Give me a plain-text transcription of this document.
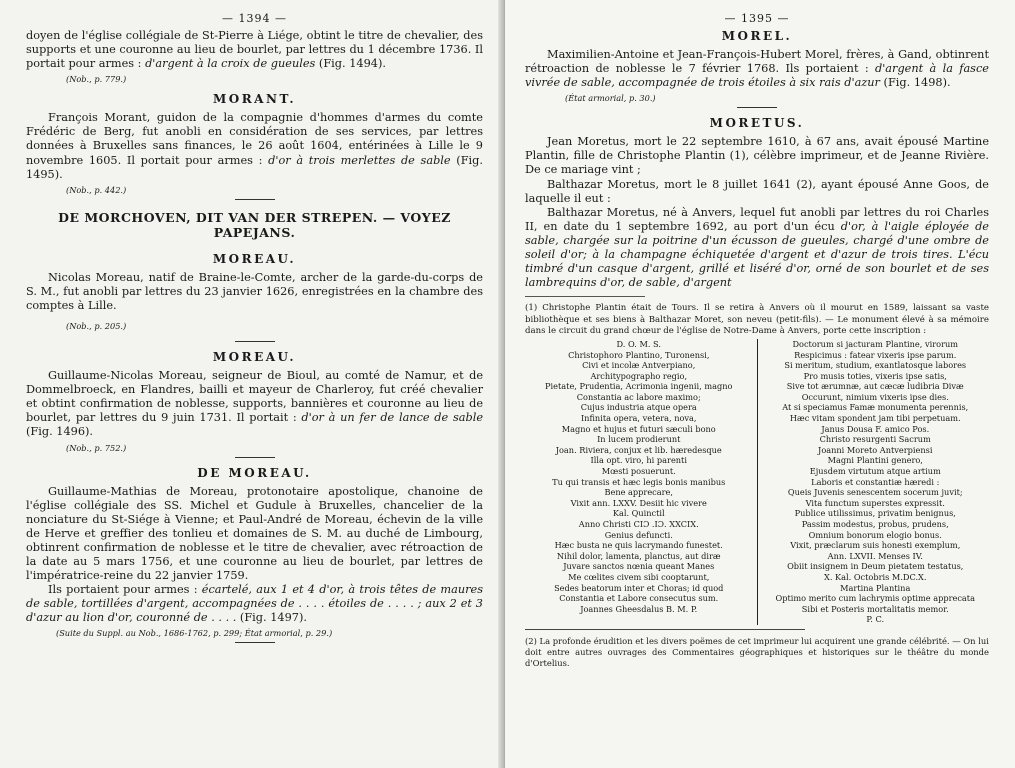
— 1394 —

doyen de l'église collégiale de St-Pierre à Liége, obtint le titre de chevalier, des supports et une couronne au lieu de bourlet, par lettres du 1 décembre 1736. Il portait pour armes : d'argent à la croix de gueules (Fig. 1494).

(Nob., p. 779.)
MORANT.

François Morant, guidon de la compagnie d'hommes d'armes du comte Frédéric de Berg, fut anobli en considération de ses services, par lettres données à Bruxelles sans finances, le 26 août 1604, entérinées à Lille le 9 novembre 1605. Il portait pour armes : d'or à trois merlettes de sable (Fig. 1495).

(Nob., p. 442.)
DE MORCHOVEN, DIT VAN DER STREPEN. — VOYEZ PAPEJANS.
MOREAU.

Nicolas Moreau, natif de Braine-le-Comte, archer de la garde-du-corps de S. M., fut anobli par lettres du 23 janvier 1626, enregistrées en la chambre des comptes à Lille.

(Nob., p. 205.)
MOREAU.

Guillaume-Nicolas Moreau, seigneur de Bioul, au comté de Namur, et de Dommelbroeck, en Flandres, bailli et mayeur de Charleroy, fut créé chevalier et obtint confirmation de noblesse, supports, bannières et couronne au lieu de bourlet, par lettres du 9 juin 1731. Il portait : d'or à un fer de lance de sable (Fig. 1496).

(Nob., p. 752.)
DE MOREAU.

Guillaume-Mathias de Moreau, protonotaire apostolique, chanoine de l'église collégiale des SS. Michel et Gudule à Bruxelles, chancelier de la nonciature du St-Siége à Vienne; et Paul-André de Moreau, échevin de la ville de Herve et greffier des tonlieu et domaines de S. M. au duché de Limbourg, obtinrent confirmation de noblesse et le titre de chevalier, avec rétroaction de la date au 5 mars 1756, et une couronne au lieu de bourlet, par lettres de l'impératrice-reine du 22 janvier 1759.

Ils portaient pour armes : écartelé, aux 1 et 4 d'or, à trois têtes de maures de sable, tortillées d'argent, accompagnées de . . . . étoiles de . . . . ; aux 2 et 3 d'azur au lion d'or, couronné de . . . . (Fig. 1497).

(Suite du Suppl. au Nob., 1686-1762, p. 299; État armorial, p. 29.)
— 1395 —
MOREL.

Maximilien-Antoine et Jean-François-Hubert Morel, frères, à Gand, obtinrent rétroaction de noblesse le 7 février 1768. Ils portaient : d'argent à la fasce vivrée de sable, accompagnée de trois étoiles à six rais d'azur (Fig. 1498).

(État armorial, p. 30.)
MORETUS.

Jean Moretus, mort le 22 septembre 1610, à 67 ans, avait épousé Martine Plantin, fille de Christophe Plantin (1), célèbre imprimeur, et de Jeanne Rivière. De ce mariage vint ;

Balthazar Moretus, mort le 8 juillet 1641 (2), ayant épousé Anne Goos, de laquelle il eut :

Balthazar Moretus, né à Anvers, lequel fut anobli par lettres du roi Charles II, en date du 1 septembre 1692, au port d'un écu d'or, à l'aigle éployée de sable, chargée sur la poitrine d'un écusson de gueules, chargé d'une ombre de soleil d'or; à la champagne échiquetée d'argent et d'azur de trois tires. L'écu timbré d'un casque d'argent, grillé et liséré d'or, orné de son bourlet et de ses lambrequins d'or, de sable, d'argent

(1) Christophe Plantin était de Tours. Il se retira à Anvers où il mourut en 1589, laissant sa vaste bibliothèque et ses biens à Balthazar Moret, son neveu (petit-fils). — Le monument élevé à sa mémoire dans le circuit du grand chœur de l'église de Notre-Dame à Anvers, porte cette inscription :
D. O. M. S.
Christophoro Plantino, Turonensi,
Civi et incolæ Antverpiano,
Architypographo regio,
Pietate, Prudentia, Acrimonia ingenii, magno
Constantia ac labore maximo;
Cujus industria atque opera
Infinita opera, vetera, nova,
Magno et hujus et futuri sæculi bono
In lucem prodierunt
Joan. Riviera, conjux et lib. hæredesque
Illa opt. viro, hi parenti
Mœsti posuerunt.
Tu qui transis et hæc legis bonis manibus
Bene apprecare,
Vixit ann. LXXV. Desiit hic vivere
Kal. Quinctil
Anno Christi CIƆ .IƆ. XXCIX.
Genius defuncti.
Hæc busta ne quis lacrymando funestet.
Nihil dolor, lamenta, planctus, aut diræ
Juvare sanctos nœnia queant Manes
Me cœlites civem sibi cooptarunt,
Sedes beatorum inter et Choras; id quod
Constantia et Labore consecutus sum.
Joannes Gheesdalus B. M. P.
Doctorum si jacturam Plantine, virorum
Respicimus : fatear vixeris ipse parum.
Si meritum, studium, exantlatosque labores
Pro musis toties, vixeris ipse satis,
Sive tot ærumnæ, aut cæcæ ludibria Divæ
Occurunt, nimium vixeris ipse dies.
At si speciamus Famæ monumenta perennis,
Hæc vitam spondent jam tibi perpetuam.
Janus Dousa F. amico Pos.
Christo resurgenti Sacrum
Joanni Moreto Antverpiensi
Magni Plantini genero,
Ejusdem virtutum atque artium
Laboris et constantiæ hæredi :
Queis Juvenis senescentem socerum juvit;
Vita functum superstes expressit.
Publice utilissimus, privatim benignus,
Passim modestus, probus, prudens,
Omnium bonorum elogio bonus.
Vixit, præclarum suis honesti exemplum,
Ann. LXVII. Menses IV.
Obiit insignem in Deum pietatem testatus,
X. Kal. Octobris M.DC.X.
Martina Plantina
Optimo merito cum lachrymis optime apprecata
Sibi et Posteris mortalitatis memor.
P. C.
(2) La profonde érudition et les divers poëmes de cet imprimeur lui acquirent une grande célébrité. — On lui doit entre autres ouvrages des Commentaires géographiques et historiques sur le théâtre du monde d'Ortelius.
